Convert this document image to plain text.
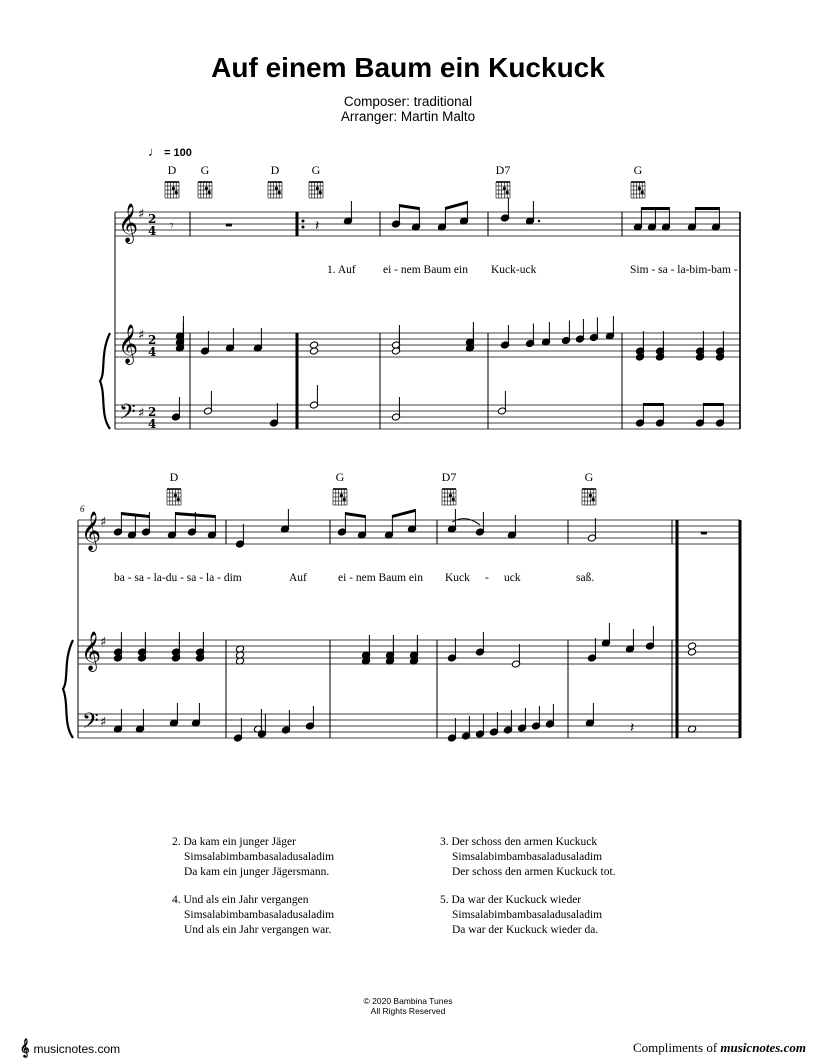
Auf einem Baum ein Kuckuck
Composer: traditional
Arranger: Martin Malto
♩ = 100
D	G	D	G	D7	G
D	G	D7	G
6
1. Auf ei - nem Baum ein Kuck-uck	Sim - sa - la-bim-bam -
ba - sa - la-du - sa - la - dim	Auf	ei - nem Baum ein Kuck - uck	saß.
2. Da kam ein junger Jäger
Simsalabimbambasaladusaladim
Da kam ein junger Jägersmann.
3. Der schoss den armen Kuckuck
Simsalabimbambasaladusaladim
Der schoss den armen Kuckuck tot.
4. Und als ein Jahr vergangen
Simsalabimbambasaladusaladim
Und als ein Jahr vergangen war.
5. Da war der Kuckuck wieder
Simsalabimbambasaladusaladim
Da war der Kuckuck wieder da.
© 2020 Bambina Tunes
All Rights Reserved
𝄞 musicnotes.com	Compliments of musicnotes.com
𝄞
𝄞
𝄢
♯
♯
♯
2
4
2
4
2
4
𝄾	▬	𝄽
𝄞
𝄞
𝄢
♯
♯
♯
▬
𝄽
